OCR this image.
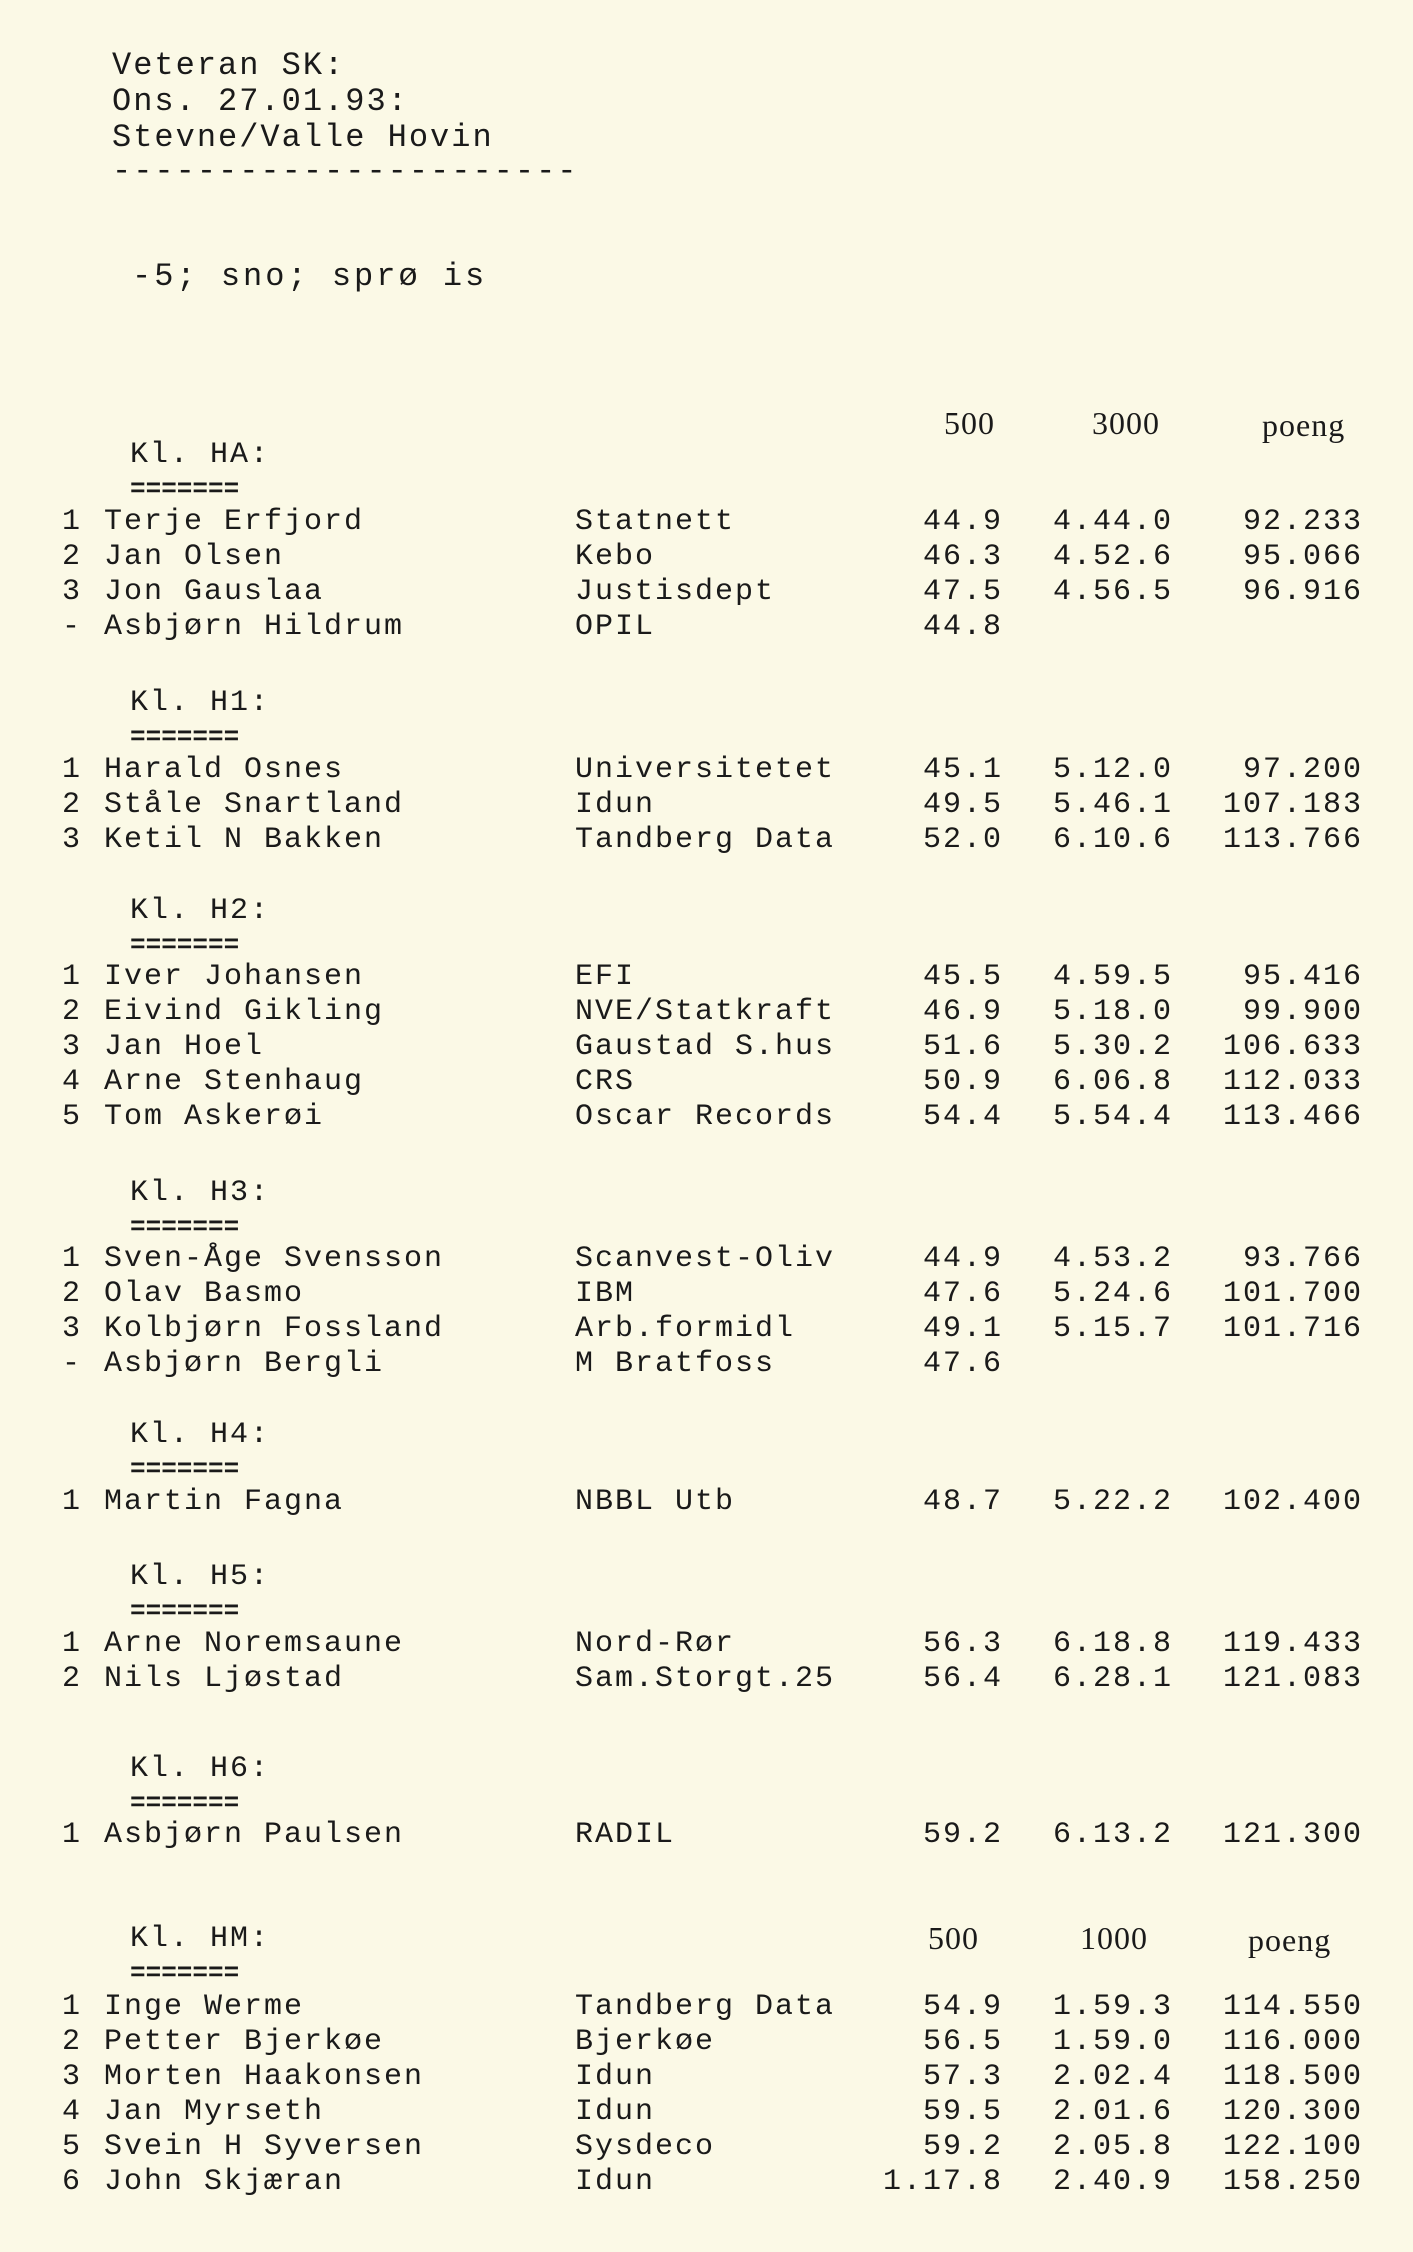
Veteran SK:
Ons. 27.01.93:
Stevne/Valle Hovin
----------------------
-5; sno; sprø is
500	3000	poeng
500	1000	poeng
Kl. HA:
=======
1 Terje Erfjord	Statnett	44.9 4.44.0 92.233
2 Jan Olsen	Kebo	46.3 4.52.6 95.066
3 Jon Gauslaa	Justisdept	47.5 4.56.5 96.916
- Asbjørn Hildrum	OPIL	44.8
Kl. H1:
=======
1 Harald Osnes	Universitetet	45.1 5.12.0 97.200
2 Ståle Snartland	Idun	49.5 5.46.1 107.183
3 Ketil N Bakken	Tandberg Data	52.0 6.10.6 113.766
Kl. H2:
=======
1 Iver Johansen	EFI	45.5 4.59.5 95.416
2 Eivind Gikling	NVE/Statkraft	46.9 5.18.0 99.900
3 Jan Hoel	Gaustad S.hus	51.6 5.30.2 106.633
4 Arne Stenhaug	CRS	50.9 6.06.8 112.033
5 Tom Askerøi	Oscar Records	54.4 5.54.4 113.466
Kl. H3:
=======
1 Sven-Åge Svensson	Scanvest-Oliv	44.9 4.53.2 93.766
2 Olav Basmo	IBM	47.6 5.24.6 101.700
3 Kolbjørn Fossland	Arb.formidl	49.1 5.15.7 101.716
- Asbjørn Bergli	M Bratfoss	47.6
Kl. H4:
=======
1 Martin Fagna	NBBL Utb	48.7 5.22.2 102.400
Kl. H5:
=======
1 Arne Noremsaune	Nord-Rør	56.3 6.18.8 119.433
2 Nils Ljøstad	Sam.Storgt.25	56.4 6.28.1 121.083
Kl. H6:
=======
1 Asbjørn Paulsen	RADIL	59.2 6.13.2 121.300
Kl. HM:
=======
1 Inge Werme	Tandberg Data	54.9 1.59.3 114.550
2 Petter Bjerkøe	Bjerkøe	56.5 1.59.0 116.000
3 Morten Haakonsen	Idun	57.3 2.02.4 118.500
4 Jan Myrseth	Idun	59.5 2.01.6 120.300
5 Svein H Syversen	Sysdeco	59.2 2.05.8 122.100
6 John Skjæran	Idun	1.17.8 2.40.9 158.250
